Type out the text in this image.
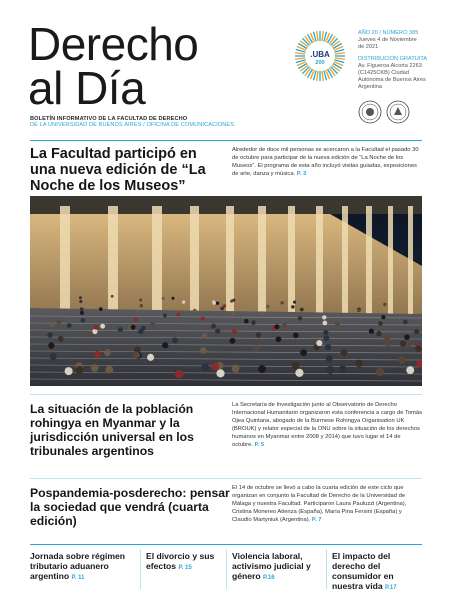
Derecho
al Día
BOLETÍN INFORMATIVO DE LA FACULTAD DE DERECHO
DE LA UNIVERSIDAD DE BUENOS AIRES / OFICINA DE COMUNICACIONES
.UBA
200
AÑO 20 / NÚMERO 385
Jueves 4 de Noviembre
de 2021
DISTRIBUCIÓN GRATUITA
Av. Figueroa Alcorta 2263
(C1425CKB) Ciudad
Autónoma de Buenos Aires
Argentina
La Facultad participó en una nueva edición de “La Noche de los Museos”
Alrededor de doce mil personas se acercaron a la Facultad el pasado 30 de octubre para participar de la nueva edición de “La Noche de los Museos”. El programa de esta año incluyó visitas guiadas, exposiciones de arte, danza y música. P. 3
La situación de la población rohingya en Myanmar y la jurisdicción universal en los tribunales argentinos
La Secretaría de Investigación junto al Observatorio de Derecho Internacional Humanitario organizaron esta conferencia a cargo de Tomás Ojea Quintana, abogado de la Burmese Rohingya Organisation UK (BROUK) y relator especial de la ONU sobre la situación de los derechos humanos en Myanmar entre 2008 y 2014) que tuvo lugar el 14 de octubre. P. 5
Pospandemia-posderecho: pensar la sociedad que vendrá (cuarta edición)
El 14 de octubre se llevó a cabo la cuarta edición de este ciclo que organizan en conjunto la Facultad de Derecho de la Universidad de Málaga y nuestra Facultad. Participaron Laura Pauluzzi (Argentina), Cristina Monereo Atienza (España), María Pina Fersini (España) y Claudio Martyniuk (Argentina). P. 7
Jornada sobre régimen tributario aduanero argentino P. 11
El divorcio y sus efectos P. 15
Violencia laboral, activismo judicial y género P.16
El impacto del derecho del consumidor en nuestra vida P.17
